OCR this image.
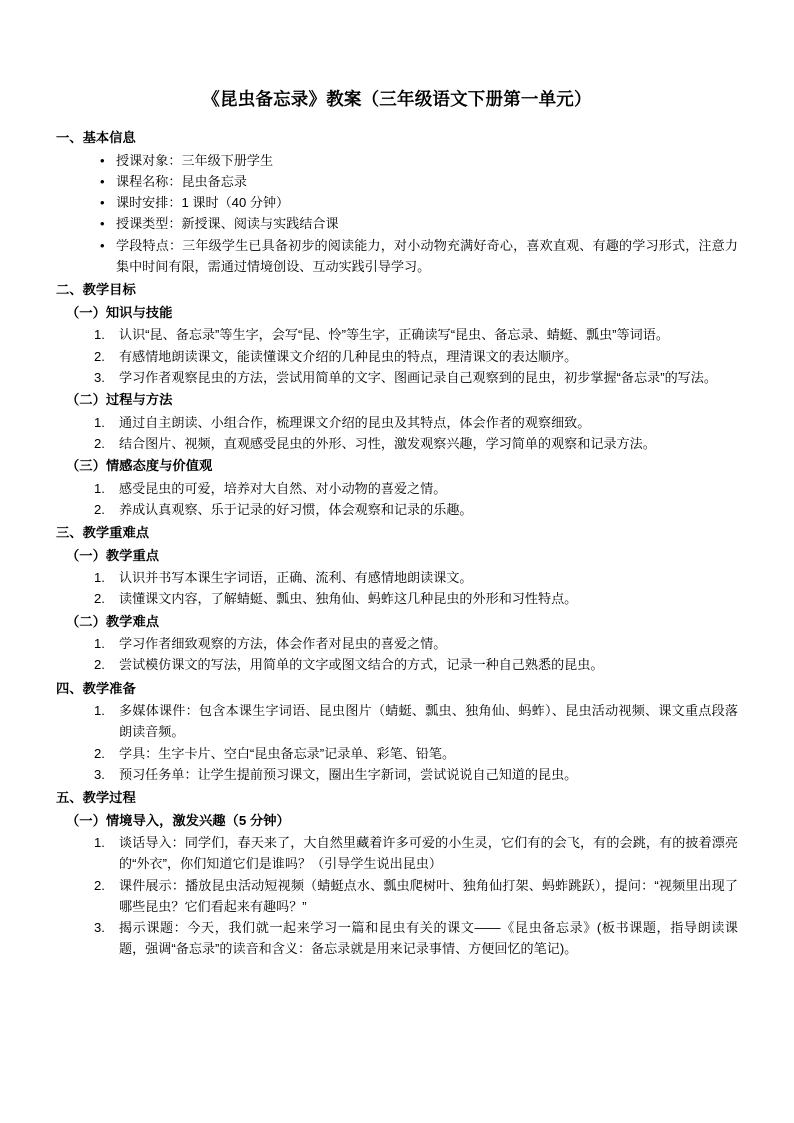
《昆虫备忘录》教案（三年级语文下册第一单元）
一、基本信息
• 授课对象：三年级下册学生
• 课程名称：昆虫备忘录
• 课时安排：1 课时（40 分钟）
• 授课类型：新授课、阅读与实践结合课
• 学段特点：三年级学生已具备初步的阅读能力，对小动物充满好奇心，喜欢直观、有趣的学习形式，注意力集中时间有限，需通过情境创设、互动实践引导学习。
二、教学目标
（一）知识与技能
认识“昆、备忘录”等生字，会写“昆、怜”等生字，正确读写“昆虫、备忘录、蜻蜓、瓢虫”等词语。
有感情地朗读课文，能读懂课文介绍的几种昆虫的特点，理清课文的表达顺序。
学习作者观察昆虫的方法，尝试用简单的文字、图画记录自己观察到的昆虫，初步掌握“备忘录”的写法。
（二）过程与方法
通过自主朗读、小组合作，梳理课文介绍的昆虫及其特点，体会作者的观察细致。
结合图片、视频，直观感受昆虫的外形、习性，激发观察兴趣，学习简单的观察和记录方法。
（三）情感态度与价值观
感受昆虫的可爱，培养对大自然、对小动物的喜爱之情。
养成认真观察、乐于记录的好习惯，体会观察和记录的乐趣。
三、教学重难点
（一）教学重点
认识并书写本课生字词语，正确、流利、有感情地朗读课文。
读懂课文内容，了解蜻蜓、瓢虫、独角仙、蚂蚱这几种昆虫的外形和习性特点。
（二）教学难点
学习作者细致观察的方法，体会作者对昆虫的喜爱之情。
尝试模仿课文的写法，用简单的文字或图文结合的方式，记录一种自己熟悉的昆虫。
四、教学准备
多媒体课件：包含本课生字词语、昆虫图片（蜻蜓、瓢虫、独角仙、蚂蚱）、昆虫活动视频、课文重点段落朗读音频。
学具：生字卡片、空白“昆虫备忘录”记录单、彩笔、铅笔。
预习任务单：让学生提前预习课文，圈出生字新词，尝试说说自己知道的昆虫。
五、教学过程
（一）情境导入，激发兴趣（5 分钟）
谈话导入：同学们，春天来了，大自然里藏着许多可爱的小生灵，它们有的会飞，有的会跳，有的披着漂亮的“外衣”，你们知道它们是谁吗？（引导学生说出昆虫）
课件展示：播放昆虫活动短视频（蜻蜓点水、瓢虫爬树叶、独角仙打架、蚂蚱跳跃），提问：“视频里出现了哪些昆虫？它们看起来有趣吗？”
揭示课题：今天，我们就一起来学习一篇和昆虫有关的课文——《昆虫备忘录》(板书课题，指导朗读课题，强调“备忘录”的读音和含义：备忘录就是用来记录事情、方便回忆的笔记)。
